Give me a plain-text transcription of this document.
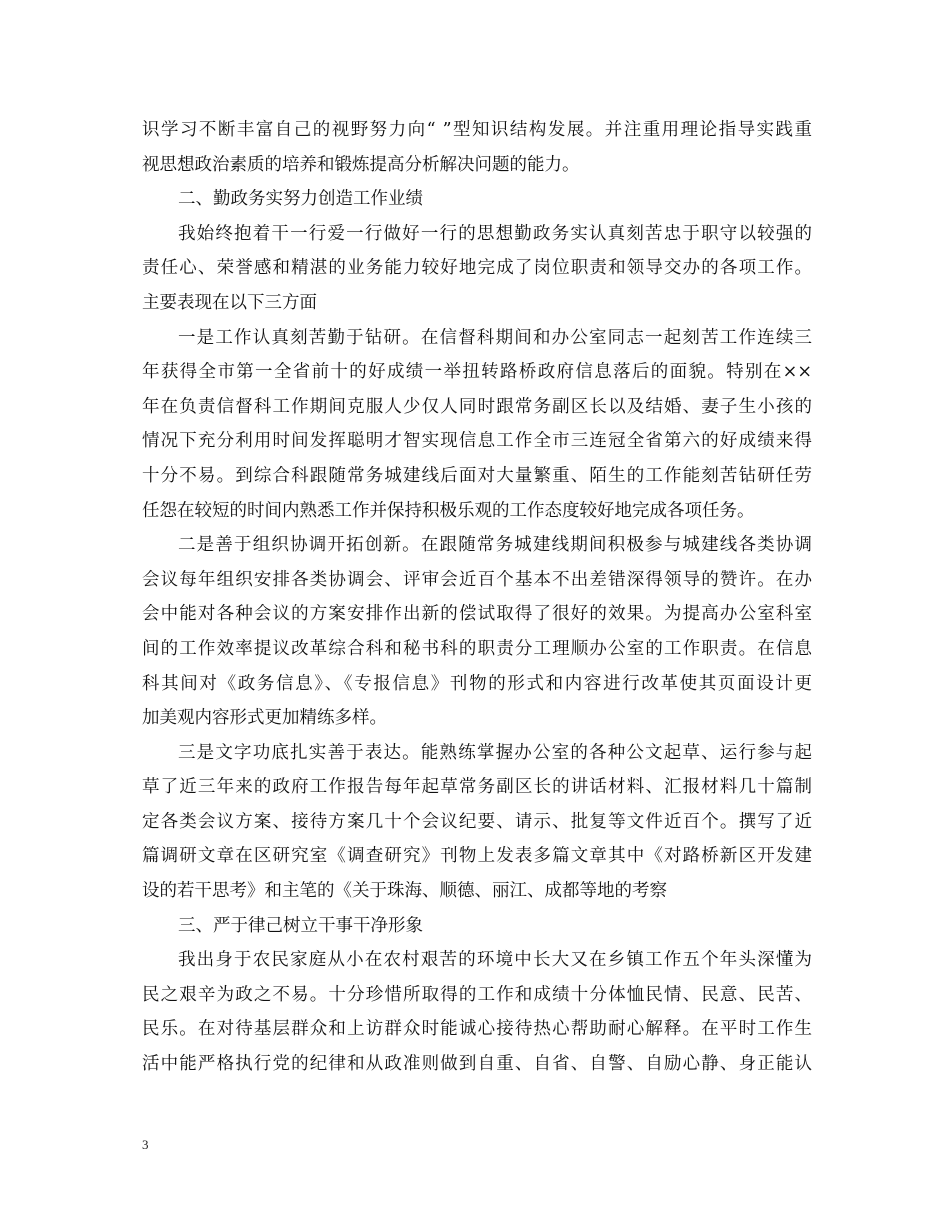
识学习不断丰富自己的视野努力向“ ”型知识结构发展。并注重用理论指导实践重
视思想政治素质的培养和锻炼提高分析解决问题的能力。
二、勤政务实努力创造工作业绩
我始终抱着干一行爱一行做好一行的思想勤政务实认真刻苦忠于职守以较强的
责任心、荣誉感和精湛的业务能力较好地完成了岗位职责和领导交办的各项工作。
主要表现在以下三方面
一是工作认真刻苦勤于钻研。在信督科期间和办公室同志一起刻苦工作连续三
年获得全市第一全省前十的好成绩一举扭转路桥政府信息落后的面貌。特别在××
年在负责信督科工作期间克服人少仅人同时跟常务副区长以及结婚、妻子生小孩的
情况下充分利用时间发挥聪明才智实现信息工作全市三连冠全省第六的好成绩来得
十分不易。到综合科跟随常务城建线后面对大量繁重、陌生的工作能刻苦钻研任劳
任怨在较短的时间内熟悉工作并保持积极乐观的工作态度较好地完成各项任务。
二是善于组织协调开拓创新。在跟随常务城建线期间积极参与城建线各类协调
会议每年组织安排各类协调会、评审会近百个基本不出差错深得领导的赞许。在办
会中能对各种会议的方案安排作出新的偿试取得了很好的效果。为提高办公室科室
间的工作效率提议改革综合科和秘书科的职责分工理顺办公室的工作职责。在信息
科其间对《政务信息》、《专报信息》刊物的形式和内容进行改革使其页面设计更
加美观内容形式更加精练多样。
三是文字功底扎实善于表达。能熟练掌握办公室的各种公文起草、运行参与起
草了近三年来的政府工作报告每年起草常务副区长的讲话材料、汇报材料几十篇制
定各类会议方案、接待方案几十个会议纪要、请示、批复等文件近百个。撰写了近
篇调研文章在区研究室《调查研究》刊物上发表多篇文章其中《对路桥新区开发建
设的若干思考》和主笔的《关于珠海、顺德、丽江、成都等地的考察
三、严于律己树立干事干净形象
我出身于农民家庭从小在农村艰苦的环境中长大又在乡镇工作五个年头深懂为
民之艰辛为政之不易。十分珍惜所取得的工作和成绩十分体恤民情、民意、民苦、
民乐。在对待基层群众和上访群众时能诚心接待热心帮助耐心解释。在平时工作生
活中能严格执行党的纪律和从政准则做到自重、自省、自警、自励心静、身正能认
3
